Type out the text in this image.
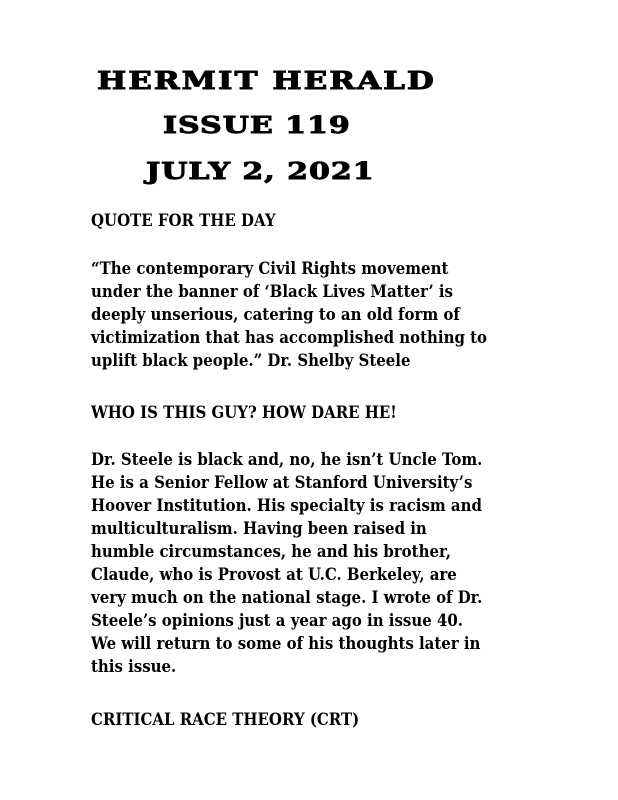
HERMIT HERALD
ISSUE 119
JULY 2, 2021

QUOTE FOR THE DAY

“The contemporary Civil Rights movement
under the banner of ‘Black Lives Matter’ is
deeply unserious, catering to an old form of
victimization that has accomplished nothing to
uplift black people.” Dr. Shelby Steele

WHO IS THIS GUY? HOW DARE HE!

Dr. Steele is black and, no, he isn’t Uncle Tom.
He is a Senior Fellow at Stanford University’s
Hoover Institution. His specialty is racism and
multiculturalism. Having been raised in
humble circumstances, he and his brother,
Claude, who is Provost at U.C. Berkeley, are
very much on the national stage. I wrote of Dr.
Steele’s opinions just a year ago in issue 40.
We will return to some of his thoughts later in
this issue.

CRITICAL RACE THEORY (CRT)
